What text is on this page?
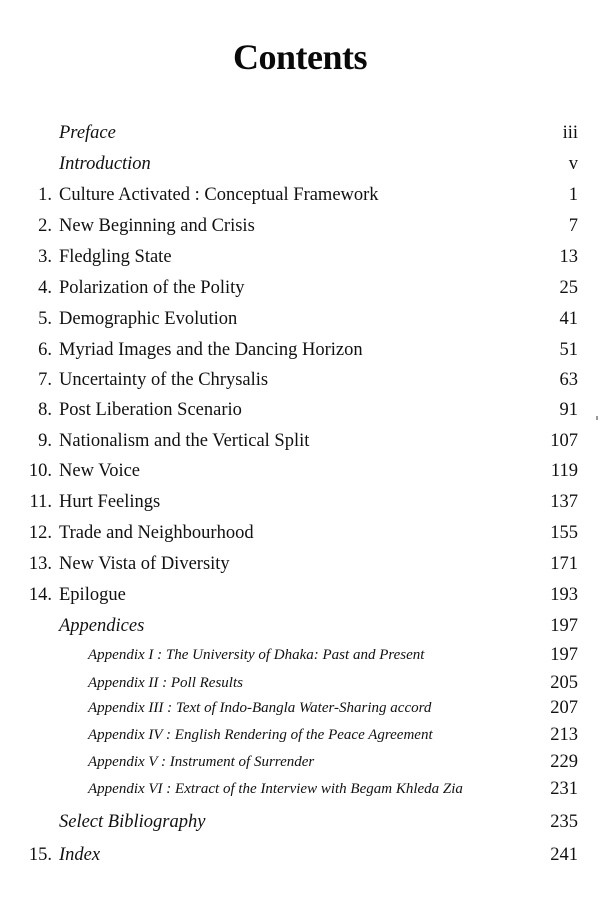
Contents
Preface	iii
Introduction	v
1. Culture Activated : Conceptual Framework	1
2. New Beginning and Crisis	7
3. Fledgling State	13
4. Polarization of the Polity	25
5. Demographic Evolution	41
6. Myriad Images and the Dancing Horizon	51
7. Uncertainty of the Chrysalis	63
8. Post Liberation Scenario	91
9. Nationalism and the Vertical Split	107
10. New Voice	119
11. Hurt Feelings	137
12. Trade and Neighbourhood	155
13. New Vista of Diversity	171
14. Epilogue	193
Appendices	197
Appendix I : The University of Dhaka: Past and Present	197
Appendix II : Poll Results	205
Appendix III : Text of Indo-Bangla Water-Sharing accord	207
Appendix IV : English Rendering of the Peace Agreement	213
Appendix V : Instrument of Surrender	229
Appendix VI : Extract of the Interview with Begam Khleda Zia	231
Select Bibliography	235
15. Index	241
